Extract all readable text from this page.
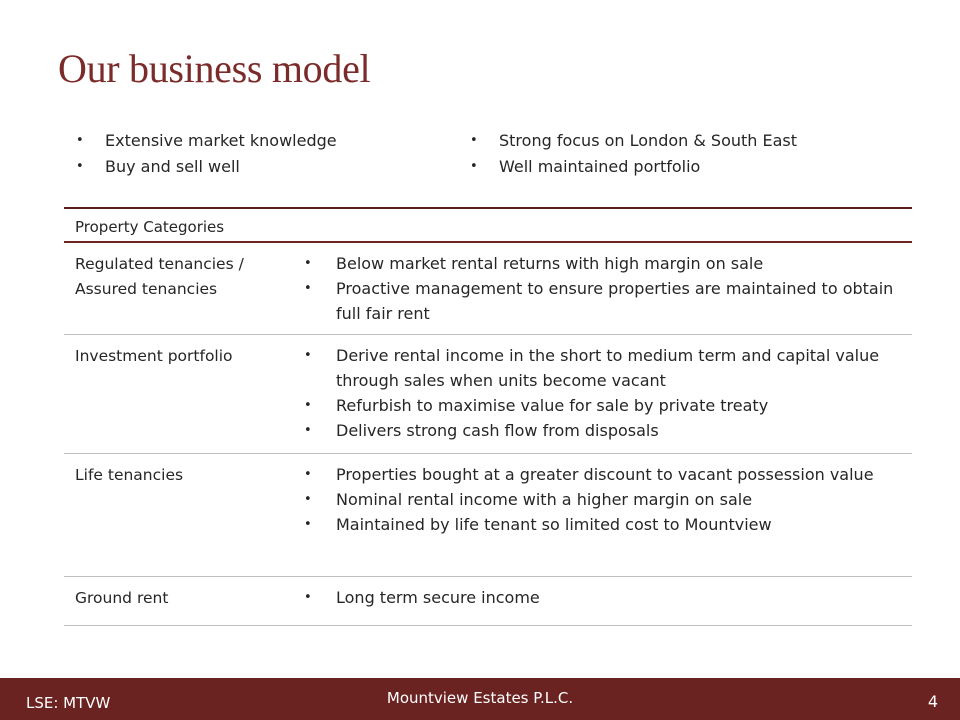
Our business model
• Extensive market knowledge
• Buy and sell well
• Strong focus on London & South East
• Well maintained portfolio
Property Categories
Regulated tenancies / Assured tenancies
• Below market rental returns with high margin on sale
• Proactive management to ensure properties are maintained to obtain full fair rent
Investment portfolio	• Derive rental income in the short to medium term and capital value through sales when units become vacant
• Refurbish to maximise value for sale by private treaty
• Delivers strong cash flow from disposals
Life tenancies	• Properties bought at a greater discount to vacant possession value
• Nominal rental income with a higher margin on sale
• Maintained by life tenant so limited cost to Mountview
Ground rent	• Long term secure income
LSE: MTVW	Mountview Estates P.L.C.	4
